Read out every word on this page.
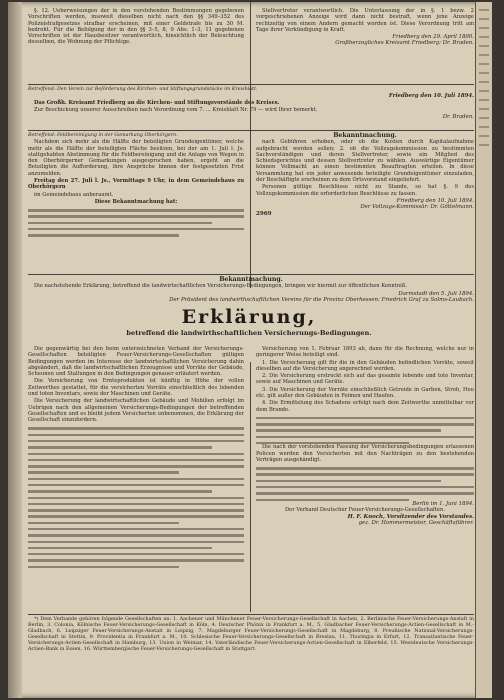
§. 12. Ueberweisungen der in den vorstehenden Bestimmungen gegebenen Vorschriften werden, insoweit dieselben nicht nach den §§ 349–352 des Polizeistrafgesetzes strafbar erscheinen, mit einer Geldstrafe bis zu 30 M. bedroht. Für die Befolgung der in den §§ 3–5, 8, 9 Abs. 1–3, 11 gegebenen Vorschriften ist der Hausbesitzer verantwortlich, hinsichtlich der Beleuchtung desselben, die Wohnung der Pflichtige.

Stellvertreter verantwortlich. Die Unterlassung der in §. 1 bezw. 2 vorgeschriebenen Anzeige wird dann nicht bestraft, wenn jene Anzeige rechtzeitig von einem Andern gemacht worden ist. Diese Verordnung tritt am Tage ihrer Verkündigung in Kraft.

Friedberg den 29. April 1890.
Großherzogliches Kreisamt Friedberg: Dr. Braden.
Betreffend: Den Verein zur Beförderung des Kirchen- und Stiftungsgrundstücke im Kreisblatt.
Friedberg den 10. Juli 1894.

Das Großh. Kreisamt Friedberg an die Kirchen- und Stiftungsvorstände des Kreises.

Zur Beschickung unserer Ausschreiben nach Verordnung vom 7. ... Kreisblatt Nr. 79 — wird Ihrer bemerkt.

Dr. Braden.
Betreffend: Feldbereinigung in der Gemarkung Oberhörgern.

Nachdem sich mehr als die Hälfte der beteiligten Grundeigentümer, welche mehr als die Hälfte der beteiligten Fläche besitzen, bei der am 1. Juli l. Js. stattgehabten Abstimmung für die Feldbereinigung und die Anlage von Wegen in den Oberhörgerner Gemarkungen ausgesprochen haben, ergeht an die Beteiligten die Aufforderung, ihre Ansprüche binnen der festgesetzten Frist anzumelden.

Freitag den 27. Juli l. Js., Vormittags 9 Uhr, in dem Gemeindehaus zu Oberhörgern

im Gemeindehaus anberaumt.

Diese Bekanntmachung hat:
Bekanntmachung.

nach Gebühren erhoben, oder ob die Kosten durch Kapitalaufnahme aufgebracht werden sollen; 2. ob die Vollzugskommission zu bestimmten Sachverständigen und deren Stellvertreter, sowie ein Mitglied des Schiedsgerichtes und dessen Stellvertreter zu wählen. Auswärtige Eigentümer können Vollmacht an einen bestimmten Beauftragten erteilen. In diese Versammlung hat ein jeder anwesende beteiligte Grundeigentümer einzuladen, der Beschäftigte erscheinen zu dem Ortsvorstand eingeliefert.

Personen gültige Beschlüsse nicht zu Stande, so hat §. 9 des Vollzugskommission die erforderlichen Beschlüsse zu fassen.

Friedberg den 10. Juli 1894.
Der Vollzugs-Kommissär: Dr. Göttelmann.
2969
Bekanntmachung.

Die nachstehende Erklärung, betreffend die landwirtschaftlichen Versicherungs-Bedingungen, bringen wir hiermit zur öffentlichen Kenntniß.

Darmstadt den 5. Juli 1894.
Der Präsident des landwirthschaftlichen Vereins für die Provinz Oberhessen: Friedrich Graf zu Solms-Laubach.
Erklärung,
betreffend die landwirthschaftlichen Versicherungs-Bedingungen.

Die gegenwärtig bei den beim unterzeichneten Verband der Versicherungs-Gesellschaften beteiligten Feuer-Versicherungs-Gesellschaften gültigen Bedingungen werden im Interesse der landwirtschaftlichen Versicherung dahin abgeändert, daß die landwirtschaftlichen Erzeugnisse und Vorräte der Gebäude, Scheunen und Stallungen in den Bedingungen genauer erläutert werden.

Die Versicherung von Ernteprodukten ist künftig in Höhe der vollen Zeitwerthes gestattet, für die versicherten Vorräte einschließlich des lebenden und toten Inventars, sowie der Maschinen und Geräte.

Die Versicherung der landwirtschaftlichen Gebäude und Mobilien erfolgt im Uebrigen nach den allgemeinen Versicherungs-Bedingungen der betreffenden Gesellschaften und es bleibt jedem Versicherten unbenommen, die Erklärung der Gesellschaft einzufordern.

Versicherung von 1. Februar 1893 ab, dann für die Rechnung, welche nur in geringerer Weise beteiligt sind.

1. Die Versicherung gilt für die in den Gebäuden befindlichen Vorräte, soweit dieselben auf die Versicherung angerechnet werden.

2. Die Versicherung erstreckt sich auf das gesamte lebende und tote Inventar, sowie auf Maschinen und Geräte.

3. Die Versicherung der Vorräte einschließlich Getreide in Garben, Stroh, Heu etc. gilt außer den Gebäuden in Feimen und Haufen.

4. Die Ermittelung des Schadens erfolgt nach dem Zeitwerthe unmittelbar vor dem Brande.

Die nach der vorstehenden Fassung der Versicherungsbedingungen erlassenen Policen werden den Versicherten mit den Nachträgen zu den bestehenden Verträgen ausgehändigt.

Berlin im 1. Juni 1894.
Der Verband Deutscher Feuer-Versicherungs-Gesellschaften.
H. F. Knoch, Vorsitzender des Vorstandes.
gez. Dr. Hammermeister, Geschäftsführer.

*) Dem Verbande gehören folgende Gesellschaften an: 1. Aachener und Münchener Feuer-Versicherungs-Gesellschaft in Aachen, 2. Berlinische Feuer-Versicherungs-Anstalt in Berlin, 3. Colonia, Kölnische Feuer-Versicherungs-Gesellschaft in Köln, 4. Deutscher Phönix in Frankfurt a. M., 5. Gladbacher Feuer-Versicherungs-Actien-Gesellschaft in M.-Gladbach, 6. Leipziger Feuer-Versicherungs-Anstalt in Leipzig, 7. Magdeburger Feuer-Versicherungs-Gesellschaft in Magdeburg, 8. Preußische National-Versicherungs-Gesellschaft in Stettin, 9. Providentia in Frankfurt a. M., 10. Schlesische Feuer-Versicherungs-Gesellschaft in Breslau, 11. Thuringia in Erfurt, 12. Transatlantische Feuer-Versicherungs-Actien-Gesellschaft in Hamburg, 13. Union in Weimar, 14. Vaterländische Feuer-Versicherungs-Actien-Gesellschaft in Elberfeld, 15. Westdeutsche Versicherungs-Actien-Bank in Essen, 16. Württembergische Feuer-Versicherungs-Gesellschaft in Stuttgart.
